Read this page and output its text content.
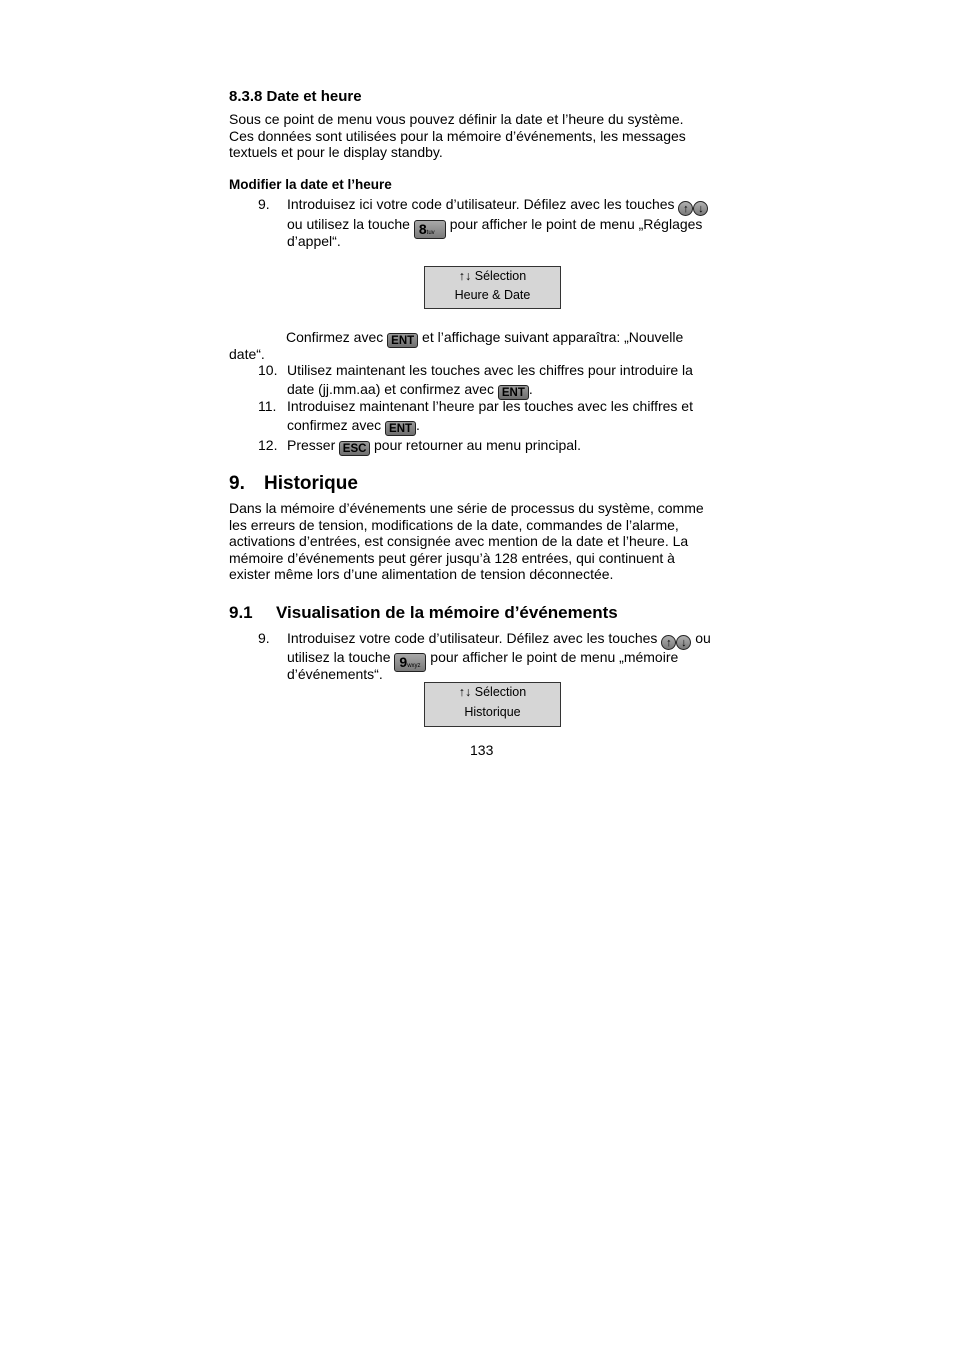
8.3.8 Date et heure

Sous ce point de menu vous pouvez définir la date et l’heure du système.

Ces données sont utilisées pour la mémoire d’événements, les messages

textuels et pour le display standby.

Modifier la date et l’heure
9. Introduisez ici votre code d’utilisateur. Défilez avec les touches ↑ ↓
ou utilisez la touche 8tuv pour afficher le point de menu „Réglages
d’appel“.
↑↓ Sélection
Heure & Date
Confirmez avec ENT et l’affichage suivant apparaîtra: „Nouvelle
date“.
10. Utilisez maintenant les touches avec les chiffres pour introduire la
date (jj.mm.aa) et confirmez avec ENT .
11. Introduisez maintenant l’heure par les touches avec les chiffres et
confirmez avec ENT .
12. Presser ESC pour retourner au menu principal.
9. Historique

Dans la mémoire d’événements une série de processus du système, comme

les erreurs de tension, modifications de la date, commandes de l’alarme,

activations d’entrées, est consignée avec mention de la date et l’heure. La

mémoire d’événements peut gérer jusqu’à 128 entrées, qui continuent à

exister même lors d’une alimentation de tension déconnectée.

9.1 Visualisation de la mémoire d’événements
9. Introduisez votre code d’utilisateur. Défilez avec les touches ↑ ↓ ou
utilisez la touche 9wxyz pour afficher le point de menu „mémoire
d’événements“.
↑↓ Sélection
Historique
133
